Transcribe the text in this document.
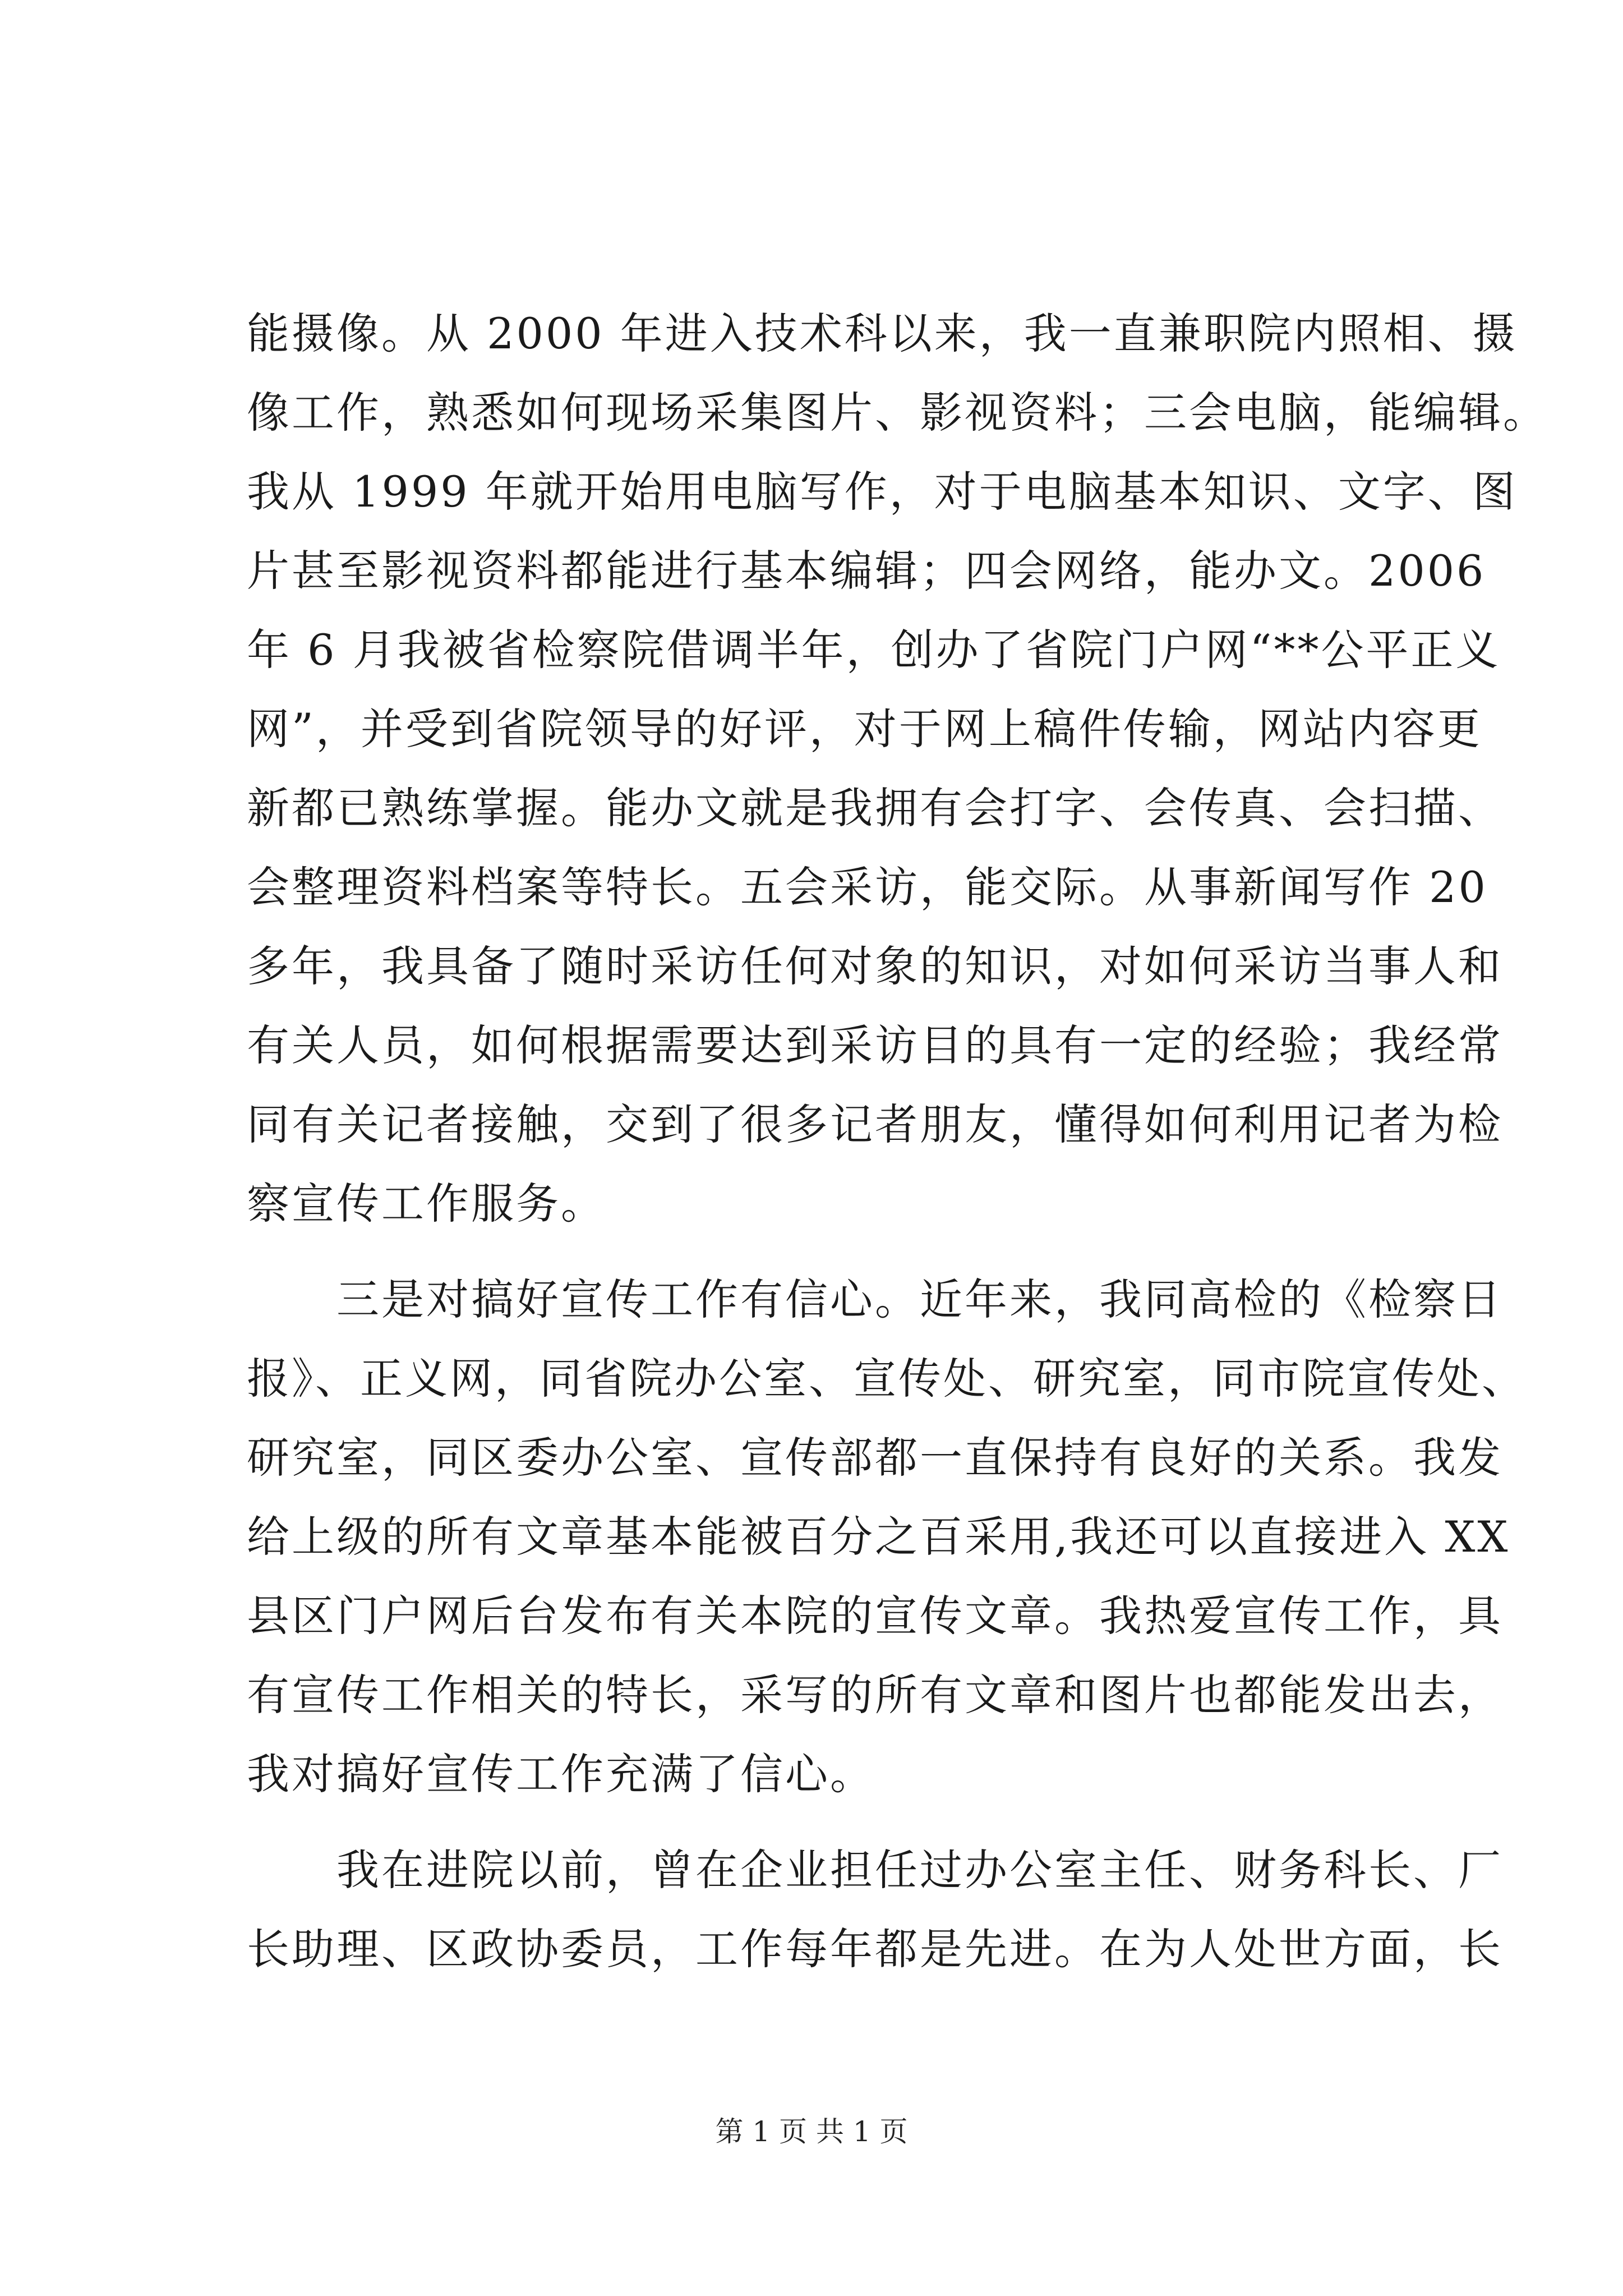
能摄像。从 2000 年进入技术科以来，我一直兼职院内照相、摄
像工作，熟悉如何现场采集图片、影视资料；三会电脑，能编辑。
我从 1999 年就开始用电脑写作，对于电脑基本知识、文字、图
片甚至影视资料都能进行基本编辑；四会网络，能办文。2006
年 6 月我被省检察院借调半年，创办了省院门户网“**公平正义
网”，并受到省院领导的好评，对于网上稿件传输，网站内容更
新都已熟练掌握。能办文就是我拥有会打字、会传真、会扫描、
会整理资料档案等特长。五会采访，能交际。从事新闻写作 20
多年，我具备了随时采访任何对象的知识，对如何采访当事人和
有关人员，如何根据需要达到采访目的具有一定的经验；我经常
同有关记者接触，交到了很多记者朋友，懂得如何利用记者为检
察宣传工作服务。
　　三是对搞好宣传工作有信心。近年来，我同高检的《检察日
报》、正义网，同省院办公室、宣传处、研究室，同市院宣传处、
研究室，同区委办公室、宣传部都一直保持有良好的关系。我发
给上级的所有文章基本能被百分之百采用,我还可以直接进入 XX
县区门户网后台发布有关本院的宣传文章。我热爱宣传工作，具
有宣传工作相关的特长，采写的所有文章和图片也都能发出去，
我对搞好宣传工作充满了信心。
　　我在进院以前，曾在企业担任过办公室主任、财务科长、厂
长助理、区政协委员，工作每年都是先进。在为人处世方面，长
第 1 页 共 1 页
